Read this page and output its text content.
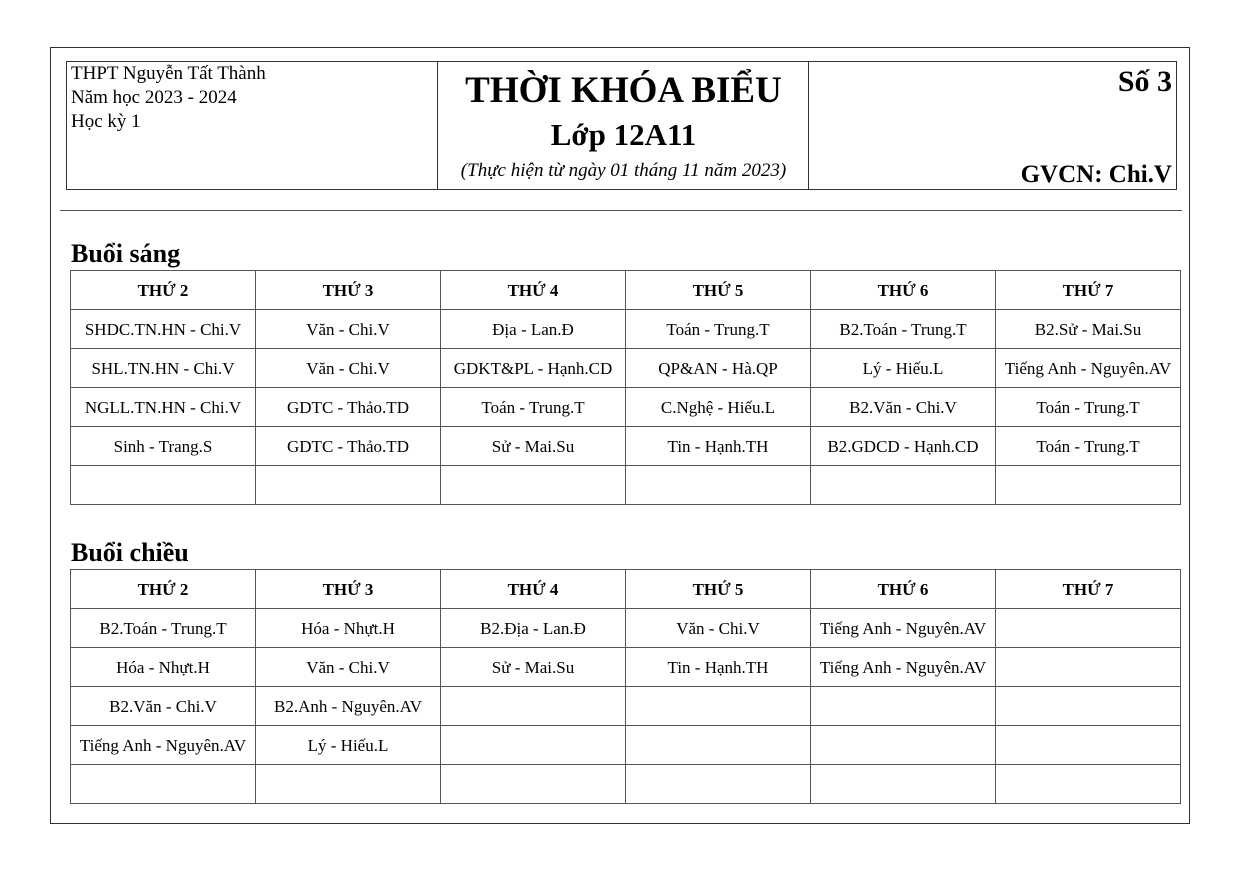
THPT Nguyễn Tất Thành
Năm học 2023 - 2024
Học kỳ 1
THỜI KHÓA BIỂU
Lớp 12A11
(Thực hiện từ ngày 01 tháng 11 năm 2023)
Số 3
GVCN: Chi.V
Buổi sáng
THỨ 2	THỨ 3	THỨ 4	THỨ 5	THỨ 6	THỨ 7
SHDC.TN.HN - Chi.V	Văn - Chi.V	Địa - Lan.Đ	Toán - Trung.T	B2.Toán - Trung.T	B2.Sử - Mai.Su
SHL.TN.HN - Chi.V	Văn - Chi.V	GDKT&PL - Hạnh.CD	QP&AN - Hà.QP	Lý - Hiếu.L	Tiếng Anh - Nguyên.AV
NGLL.TN.HN - Chi.V	GDTC - Thảo.TD	Toán - Trung.T	C.Nghệ - Hiếu.L	B2.Văn - Chi.V	Toán - Trung.T
Sinh - Trang.S	GDTC - Thảo.TD	Sử - Mai.Su	Tin - Hạnh.TH	B2.GDCD - Hạnh.CD	Toán - Trung.T

Buổi chiều
THỨ 2	THỨ 3	THỨ 4	THỨ 5	THỨ 6	THỨ 7
B2.Toán - Trung.T	Hóa - Nhựt.H	B2.Địa - Lan.Đ	Văn - Chi.V	Tiếng Anh - Nguyên.AV	
Hóa - Nhựt.H	Văn - Chi.V	Sử - Mai.Su	Tin - Hạnh.TH	Tiếng Anh - Nguyên.AV	
B2.Văn - Chi.V	B2.Anh - Nguyên.AV				
Tiếng Anh - Nguyên.AV	Lý - Hiếu.L				
